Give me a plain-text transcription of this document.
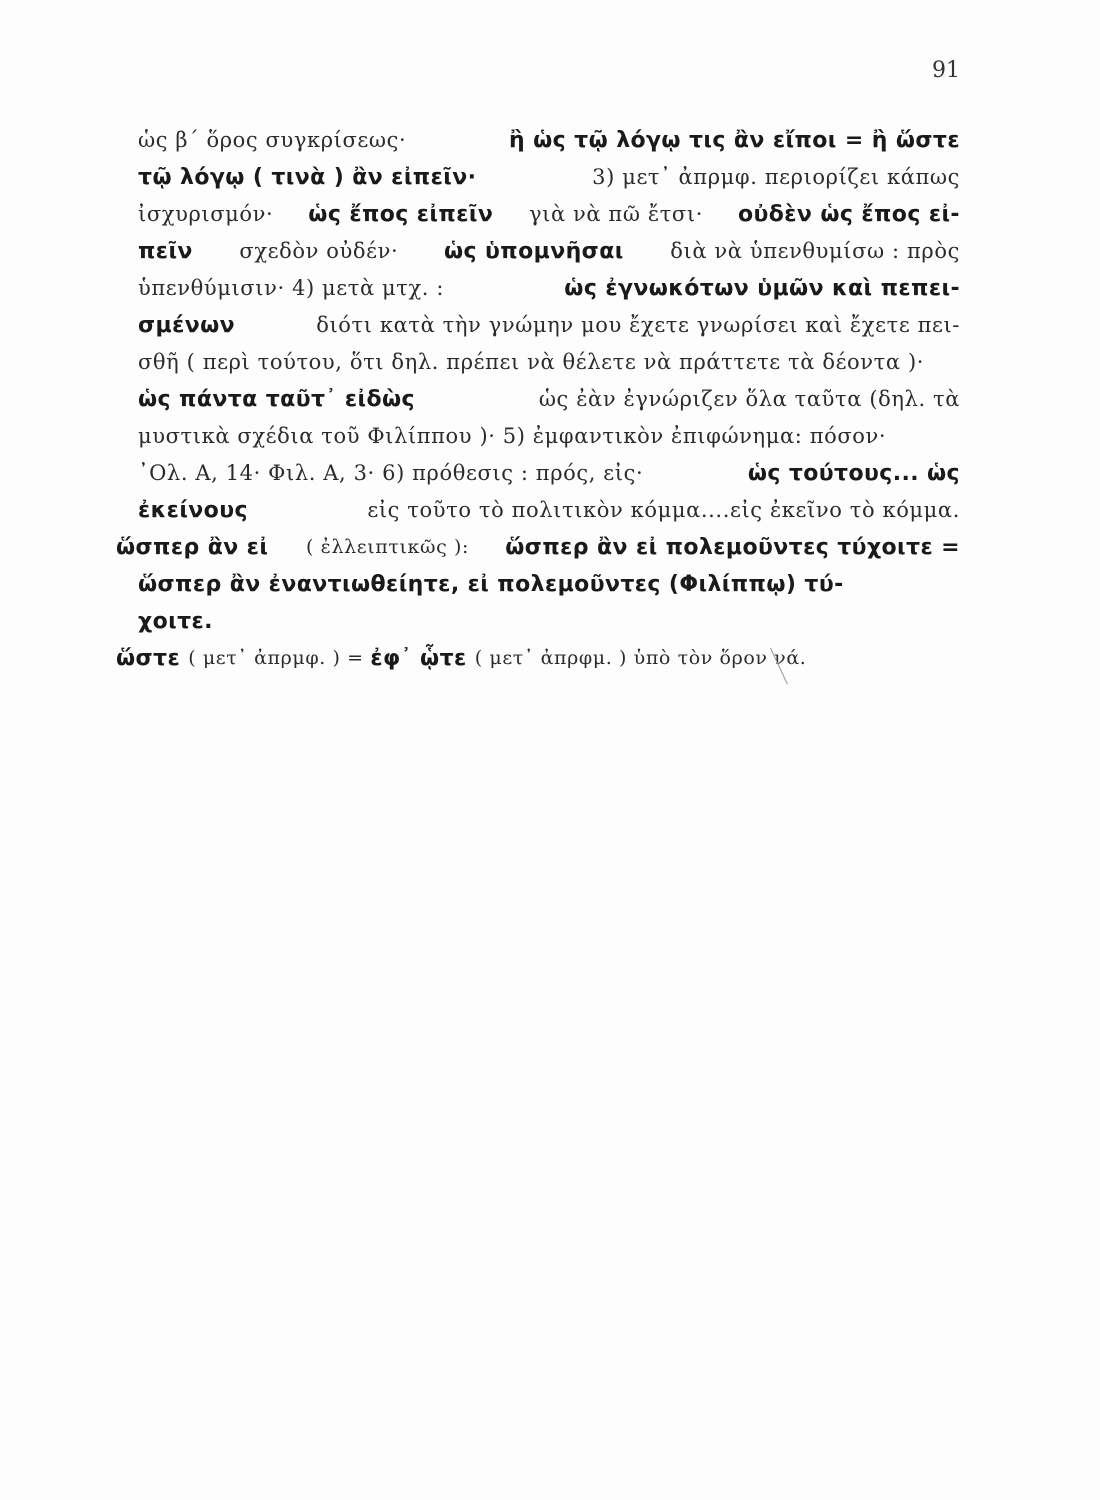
91
ὡς β΄ ὅρος συγκρίσεως·	ἢ ὡς τῷ λόγῳ τις ἂν εἴποι = ἢ ὥστε
τῷ λόγῳ ( τινὰ ) ἂν εἰπεῖν·	3) μετ᾽ ἀπρμφ. περιορίζει κάπως
ἰσχυρισμόν· ὡς ἔπος εἰπεῖν γιὰ νὰ πῶ ἔτσι· οὐδὲν ὡς ἔπος εἰ-
πεῖν σχεδὸν οὐδέν· ὡς ὑπομνῆσαι διὰ νὰ ὑπενθυμίσω : πρὸς
ὑπενθύμισιν· 4) μετὰ μτχ. :	ὡς ἐγνωκότων ὑμῶν καὶ πεπει-
σμένων	διότι κατὰ τὴν γνώμην μου ἔχετε γνωρίσει καὶ ἔχετε πει-
σθῆ ( περὶ τούτου, ὅτι δηλ. πρέπει νὰ θέλετε νὰ πράττετε τὰ δέοντα )·
ὡς πάντα ταῦτ᾽ εἰδὼς	ὡς ἐὰν ἐγνώριζεν ὅλα ταῦτα (δηλ. τὰ
μυστικὰ σχέδια τοῦ Φιλίππου )· 5) ἐμφαντικὸν ἐπιφώνημα: πόσον·
᾽Ολ. Α, 14· Φιλ. Α, 3· 6) πρόθεσις : πρός, εἰς·	ὡς τούτους... ὡς
ἐκείνους	εἰς τοῦτο τὸ πολιτικὸν κόμμα....εἰς ἐκεῖνο τὸ κόμμα.
ὥσπερ ἂν εἰ ( ἐλλειπτικῶς ): ὥσπερ ἂν εἰ πολεμοῦντες τύχοιτε =
ὥσπερ ἂν ἐναντιωθείητε, εἰ πολεμοῦντες (Φιλίππῳ) τύ-
χοιτε.
ὥστε ( μετ᾽ ἀπρμφ. ) = ἐφ᾽ ᾧτε ( μετ᾽ ἀπρφμ. ) ὑπὸ τὸν ὅρον νά.
